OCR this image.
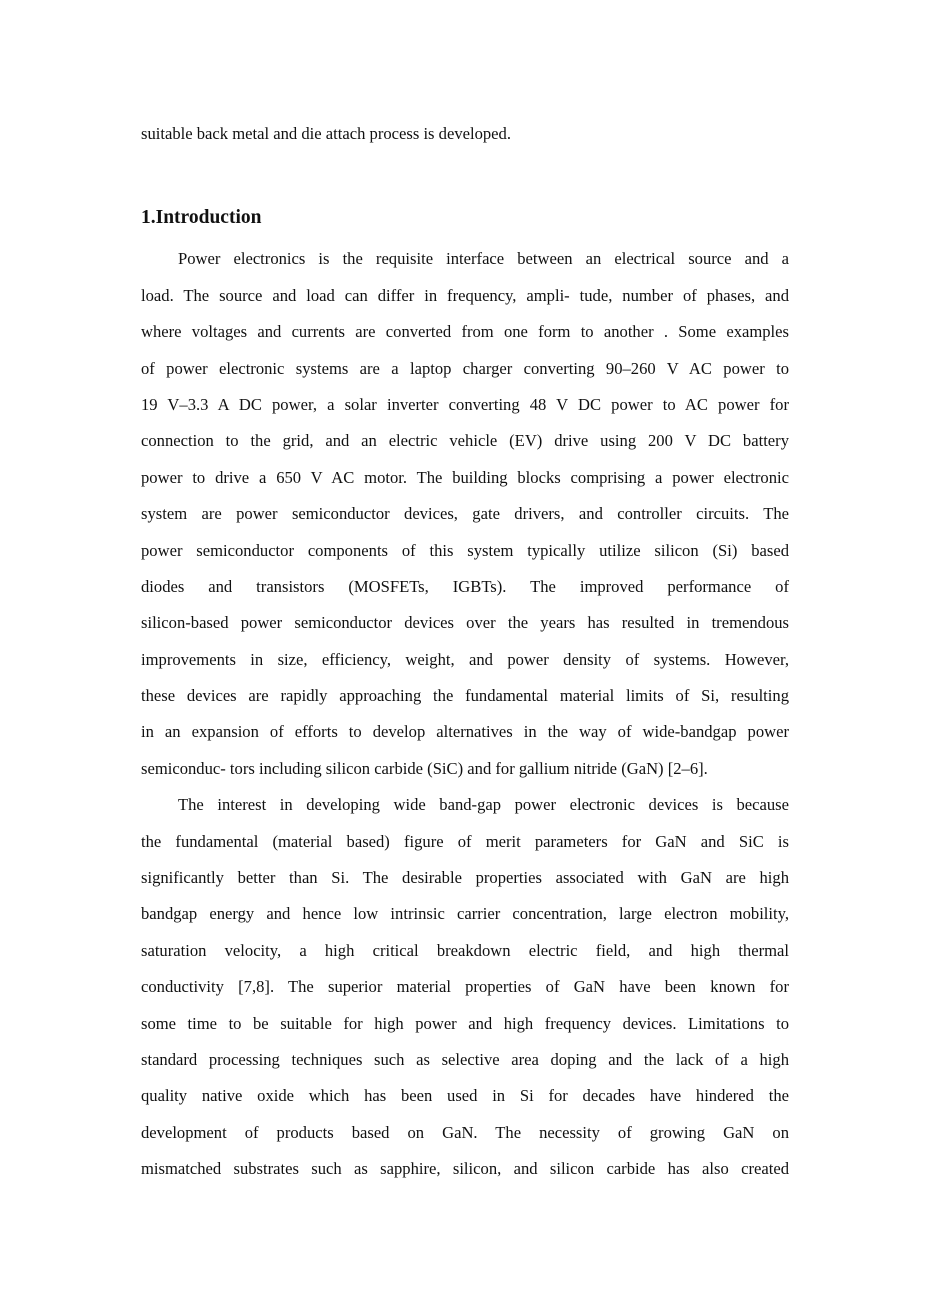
suitable back metal and die attach process is developed.
1.Introduction
Power electronics is the requisite interface between an electrical source and a
load. The source and load can differ in frequency, ampli- tude, number of phases, and
where voltages and currents are converted from one form to another . Some examples
of power electronic systems are a laptop charger converting 90–260 V AC power to
19 V–3.3 A DC power, a solar inverter converting 48 V DC power to AC power for
connection to the grid, and an electric vehicle (EV) drive using 200 V DC battery
power to drive a 650 V AC motor. The building blocks comprising a power electronic
system are power semiconductor devices, gate drivers, and controller circuits. The
power semiconductor components of this system typically utilize silicon (Si) based
diodes and transistors (MOSFETs, IGBTs). The improved performance of
silicon-based power semiconductor devices over the years has resulted in tremendous
improvements in size, efficiency, weight, and power density of systems. However,
these devices are rapidly approaching the fundamental material limits of Si, resulting
in an expansion of efforts to develop alternatives in the way of wide-bandgap power
semiconduc- tors including silicon carbide (SiC) and for gallium nitride (GaN) [2–6].
The interest in developing wide band-gap power electronic devices is because
the fundamental (material based) figure of merit parameters for GaN and SiC is
significantly better than Si. The desirable properties associated with GaN are high
bandgap energy and hence low intrinsic carrier concentration, large electron mobility,
saturation velocity, a high critical breakdown electric field, and high thermal
conductivity [7,8]. The superior material properties of GaN have been known for
some time to be suitable for high power and high frequency devices. Limitations to
standard processing techniques such as selective area doping and the lack of a high
quality native oxide which has been used in Si for decades have hindered the
development of products based on GaN. The necessity of growing GaN on
mismatched substrates such as sapphire, silicon, and silicon carbide has also created
